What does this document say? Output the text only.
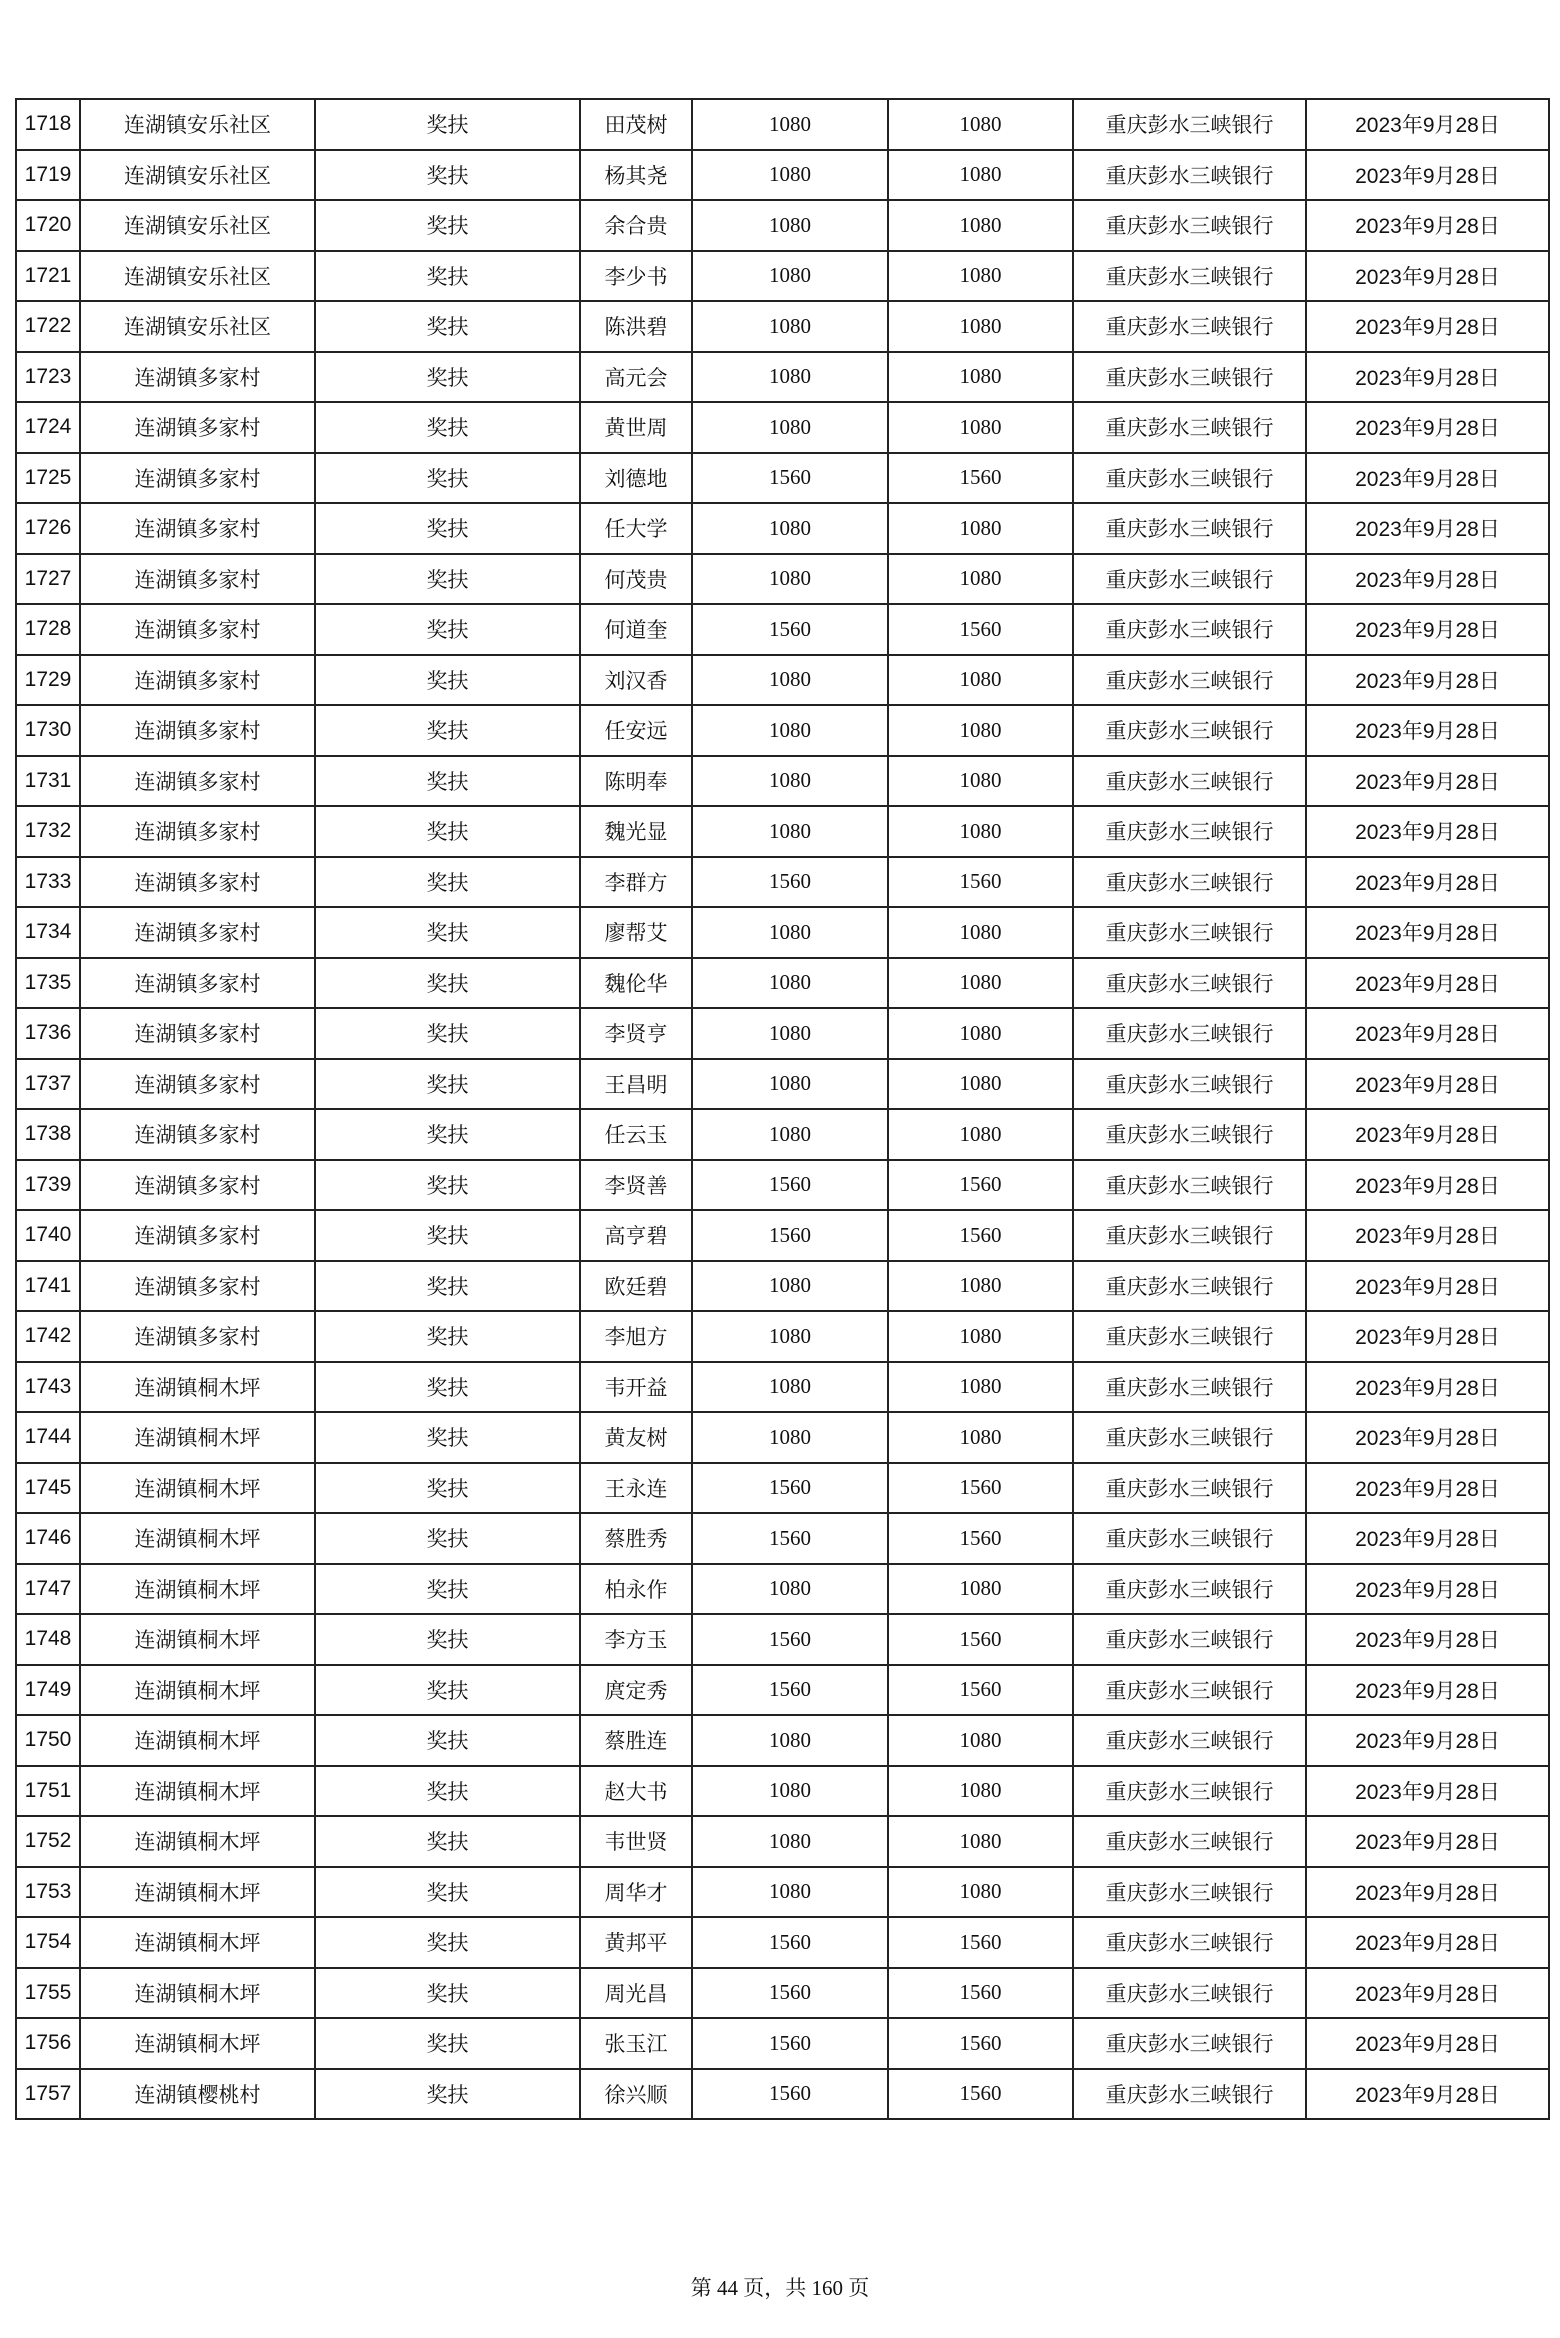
1718	连湖镇安乐社区	奖扶	田茂树	1080	1080	重庆彭水三峡银行	2023年9月28日
1719	连湖镇安乐社区	奖扶	杨其尧	1080	1080	重庆彭水三峡银行	2023年9月28日
1720	连湖镇安乐社区	奖扶	余合贵	1080	1080	重庆彭水三峡银行	2023年9月28日
1721	连湖镇安乐社区	奖扶	李少书	1080	1080	重庆彭水三峡银行	2023年9月28日
1722	连湖镇安乐社区	奖扶	陈洪碧	1080	1080	重庆彭水三峡银行	2023年9月28日
1723	连湖镇多家村	奖扶	高元会	1080	1080	重庆彭水三峡银行	2023年9月28日
1724	连湖镇多家村	奖扶	黄世周	1080	1080	重庆彭水三峡银行	2023年9月28日
1725	连湖镇多家村	奖扶	刘德地	1560	1560	重庆彭水三峡银行	2023年9月28日
1726	连湖镇多家村	奖扶	任大学	1080	1080	重庆彭水三峡银行	2023年9月28日
1727	连湖镇多家村	奖扶	何茂贵	1080	1080	重庆彭水三峡银行	2023年9月28日
1728	连湖镇多家村	奖扶	何道奎	1560	1560	重庆彭水三峡银行	2023年9月28日
1729	连湖镇多家村	奖扶	刘汉香	1080	1080	重庆彭水三峡银行	2023年9月28日
1730	连湖镇多家村	奖扶	任安远	1080	1080	重庆彭水三峡银行	2023年9月28日
1731	连湖镇多家村	奖扶	陈明奉	1080	1080	重庆彭水三峡银行	2023年9月28日
1732	连湖镇多家村	奖扶	魏光显	1080	1080	重庆彭水三峡银行	2023年9月28日
1733	连湖镇多家村	奖扶	李群方	1560	1560	重庆彭水三峡银行	2023年9月28日
1734	连湖镇多家村	奖扶	廖帮艾	1080	1080	重庆彭水三峡银行	2023年9月28日
1735	连湖镇多家村	奖扶	魏伦华	1080	1080	重庆彭水三峡银行	2023年9月28日
1736	连湖镇多家村	奖扶	李贤亨	1080	1080	重庆彭水三峡银行	2023年9月28日
1737	连湖镇多家村	奖扶	王昌明	1080	1080	重庆彭水三峡银行	2023年9月28日
1738	连湖镇多家村	奖扶	任云玉	1080	1080	重庆彭水三峡银行	2023年9月28日
1739	连湖镇多家村	奖扶	李贤善	1560	1560	重庆彭水三峡银行	2023年9月28日
1740	连湖镇多家村	奖扶	高亨碧	1560	1560	重庆彭水三峡银行	2023年9月28日
1741	连湖镇多家村	奖扶	欧廷碧	1080	1080	重庆彭水三峡银行	2023年9月28日
1742	连湖镇多家村	奖扶	李旭方	1080	1080	重庆彭水三峡银行	2023年9月28日
1743	连湖镇桐木坪	奖扶	韦开益	1080	1080	重庆彭水三峡银行	2023年9月28日
1744	连湖镇桐木坪	奖扶	黄友树	1080	1080	重庆彭水三峡银行	2023年9月28日
1745	连湖镇桐木坪	奖扶	王永连	1560	1560	重庆彭水三峡银行	2023年9月28日
1746	连湖镇桐木坪	奖扶	蔡胜秀	1560	1560	重庆彭水三峡银行	2023年9月28日
1747	连湖镇桐木坪	奖扶	柏永作	1080	1080	重庆彭水三峡银行	2023年9月28日
1748	连湖镇桐木坪	奖扶	李方玉	1560	1560	重庆彭水三峡银行	2023年9月28日
1749	连湖镇桐木坪	奖扶	庹定秀	1560	1560	重庆彭水三峡银行	2023年9月28日
1750	连湖镇桐木坪	奖扶	蔡胜连	1080	1080	重庆彭水三峡银行	2023年9月28日
1751	连湖镇桐木坪	奖扶	赵大书	1080	1080	重庆彭水三峡银行	2023年9月28日
1752	连湖镇桐木坪	奖扶	韦世贤	1080	1080	重庆彭水三峡银行	2023年9月28日
1753	连湖镇桐木坪	奖扶	周华才	1080	1080	重庆彭水三峡银行	2023年9月28日
1754	连湖镇桐木坪	奖扶	黄邦平	1560	1560	重庆彭水三峡银行	2023年9月28日
1755	连湖镇桐木坪	奖扶	周光昌	1560	1560	重庆彭水三峡银行	2023年9月28日
1756	连湖镇桐木坪	奖扶	张玉江	1560	1560	重庆彭水三峡银行	2023年9月28日
1757	连湖镇樱桃村	奖扶	徐兴顺	1560	1560	重庆彭水三峡银行	2023年9月28日
第 44 页，共 160 页
